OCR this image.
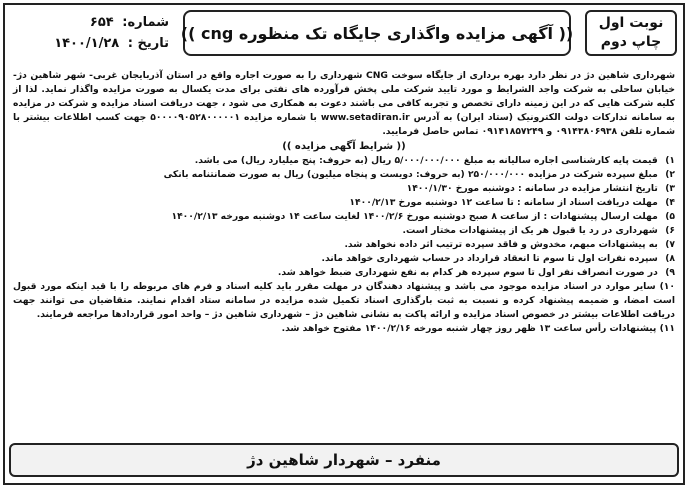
نوبت اول
چاپ دوم
(( آگهی مزایده واگذاری جایگاه تک منظوره cng ))
شماره: ۶۵۴
تاریخ : ۱۴۰۰/۱/۲۸

شهرداری شاهین دژ در نظر دارد بهره برداری از جایگاه سوخت CNG شهرداری را به صورت اجاره واقع در استان آذربایجان غربی- شهر شاهین دژ- خیابان ساحلی به شرکت واجد الشرایط و مورد تایید شرکت ملی پخش فرآورده های نفتی برای مدت یکسال به صورت مزایده واگذار نماید. لذا از کلیه شرکت هایی که در این زمینه دارای تخصص و تجربه کافی می باشند دعوت به همکاری می شود ، جهت دریافت اسناد مزایده و شرکت در مزایده به سامانه تدارکات دولت الکترونیک (ستاد ایران) به آدرس www.setadiran.ir با شماره مزایده ۵۰۰۰۰۹۰۵۲۸۰۰۰۰۰۱ جهت کسب اطلاعات بیشتر با شماره تلفن ۰۹۱۴۳۸۰۶۹۳۸ و ۰۹۱۴۱۸۵۷۲۴۹ تماس حاصل فرمایید.

(( شرایط آگهی مزایده ))
۱) قیمت پایه کارشناسی اجاره سالیانه به مبلغ ۵/۰۰۰/۰۰۰/۰۰۰ ریال (به حروف: پنج میلیارد ریال) می باشد.
۲) مبلغ سپرده شرکت در مزایده ۲۵۰/۰۰۰/۰۰۰ (به حروف: دویست و پنجاه میلیون) ریال به صورت ضمانتنامه بانکی
۳) تاریخ انتشار مزایده در سامانه : دوشنبه مورخ ۱۴۰۰/۱/۳۰
۴) مهلت دریافت اسناد از سامانه : تا ساعت ۱۲ دوشنبه مورخ ۱۴۰۰/۲/۱۳
۵) مهلت ارسال پیشنهادات : از ساعت ۸ صبح دوشنبه مورخ ۱۴۰۰/۲/۶ لغایت ساعت ۱۴ دوشنبه مورخه ۱۴۰۰/۲/۱۳
۶) شهرداری در رد یا قبول هر یک از پیشنهادات مختار است.
۷) به پیشنهادات مبهم، مخدوش و فاقد سپرده ترتیب اثر داده نخواهد شد.
۸) سپرده نفرات اول تا سوم تا انعقاد قرارداد در حساب شهرداری خواهد ماند.
۹) در صورت انصراف نفر اول تا سوم سپرده هر کدام به نفع شهرداری ضبط خواهد شد.
۱۰) سایر موارد در اسناد مزایده موجود می باشد و پیشنهاد دهندگان در مهلت مقرر باید کلیه اسناد و فرم های مربوطه را با قید اینکه مورد قبول است امضا، و ضمیمه پیشنهاد کرده و نسبت به ثبت بارگذاری اسناد تکمیل شده مزایده در سامانه ستاد اقدام نمایند. متقاضیان می توانند جهت دریافت اطلاعات بیشتر در خصوص اسناد مزایده و ارائه پاکت به نشانی شاهین دژ – شهرداری شاهین دژ – واحد امور قراردادها مراجعه فرمایند.
۱۱) پیشنهادات رأس ساعت ۱۳ ظهر روز چهار شنبه مورخه ۱۴۰۰/۲/۱۶ مفتوح خواهد شد.
منفرد – شهردار شاهین دژ
